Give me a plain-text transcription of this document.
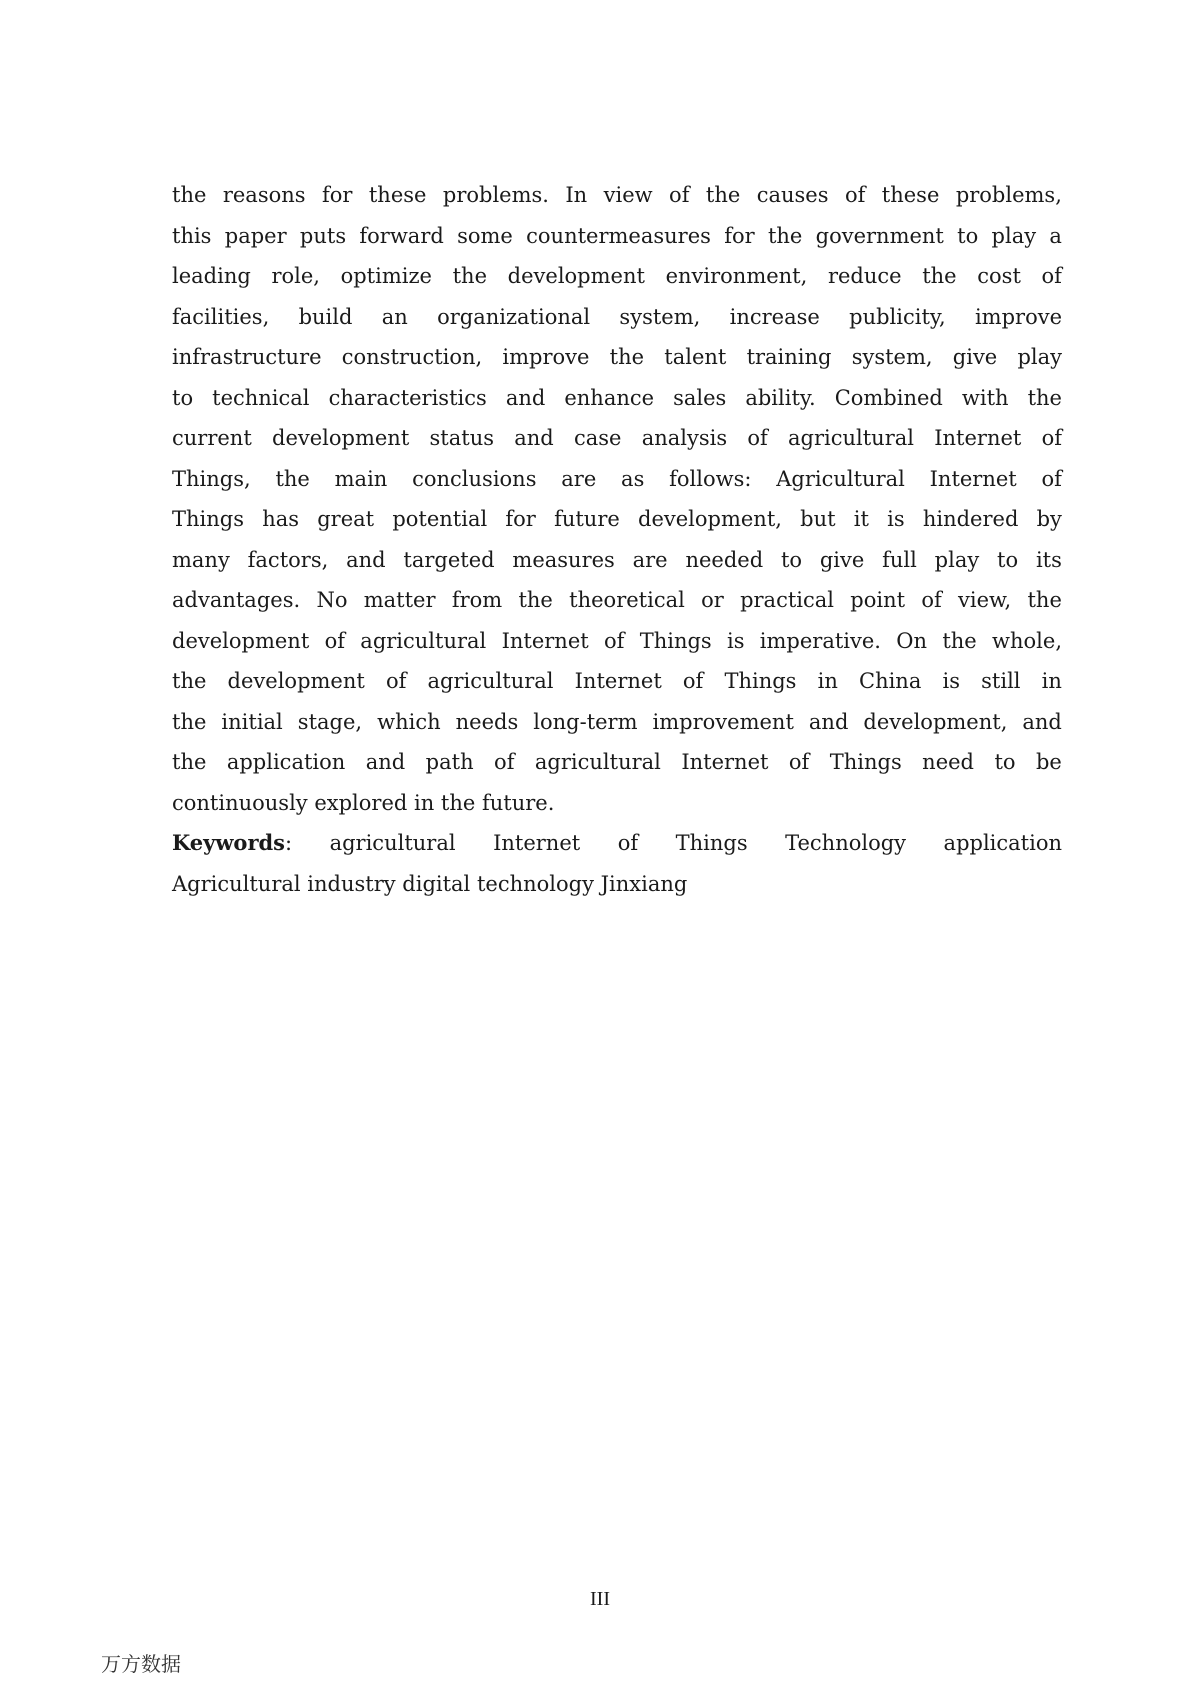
the reasons for these problems. In view of the causes of these problems,
this paper puts forward some countermeasures for the government to play a
leading role, optimize the development environment, reduce the cost of
facilities, build an organizational system, increase publicity, improve
infrastructure construction, improve the talent training system, give play
to technical characteristics and enhance sales ability. Combined with the
current development status and case analysis of agricultural Internet of
Things, the main conclusions are as follows: Agricultural Internet of
Things has great potential for future development, but it is hindered by
many factors, and targeted measures are needed to give full play to its
advantages. No matter from the theoretical or practical point of view, the
development of agricultural Internet of Things is imperative. On the whole,
the development of agricultural Internet of Things in China is still in
the initial stage, which needs long-term improvement and development, and
the application and path of agricultural Internet of Things need to be
continuously explored in the future.
Keywords: agricultural Internet of Things Technology application
Agricultural industry digital technology Jinxiang
III
万方数据
